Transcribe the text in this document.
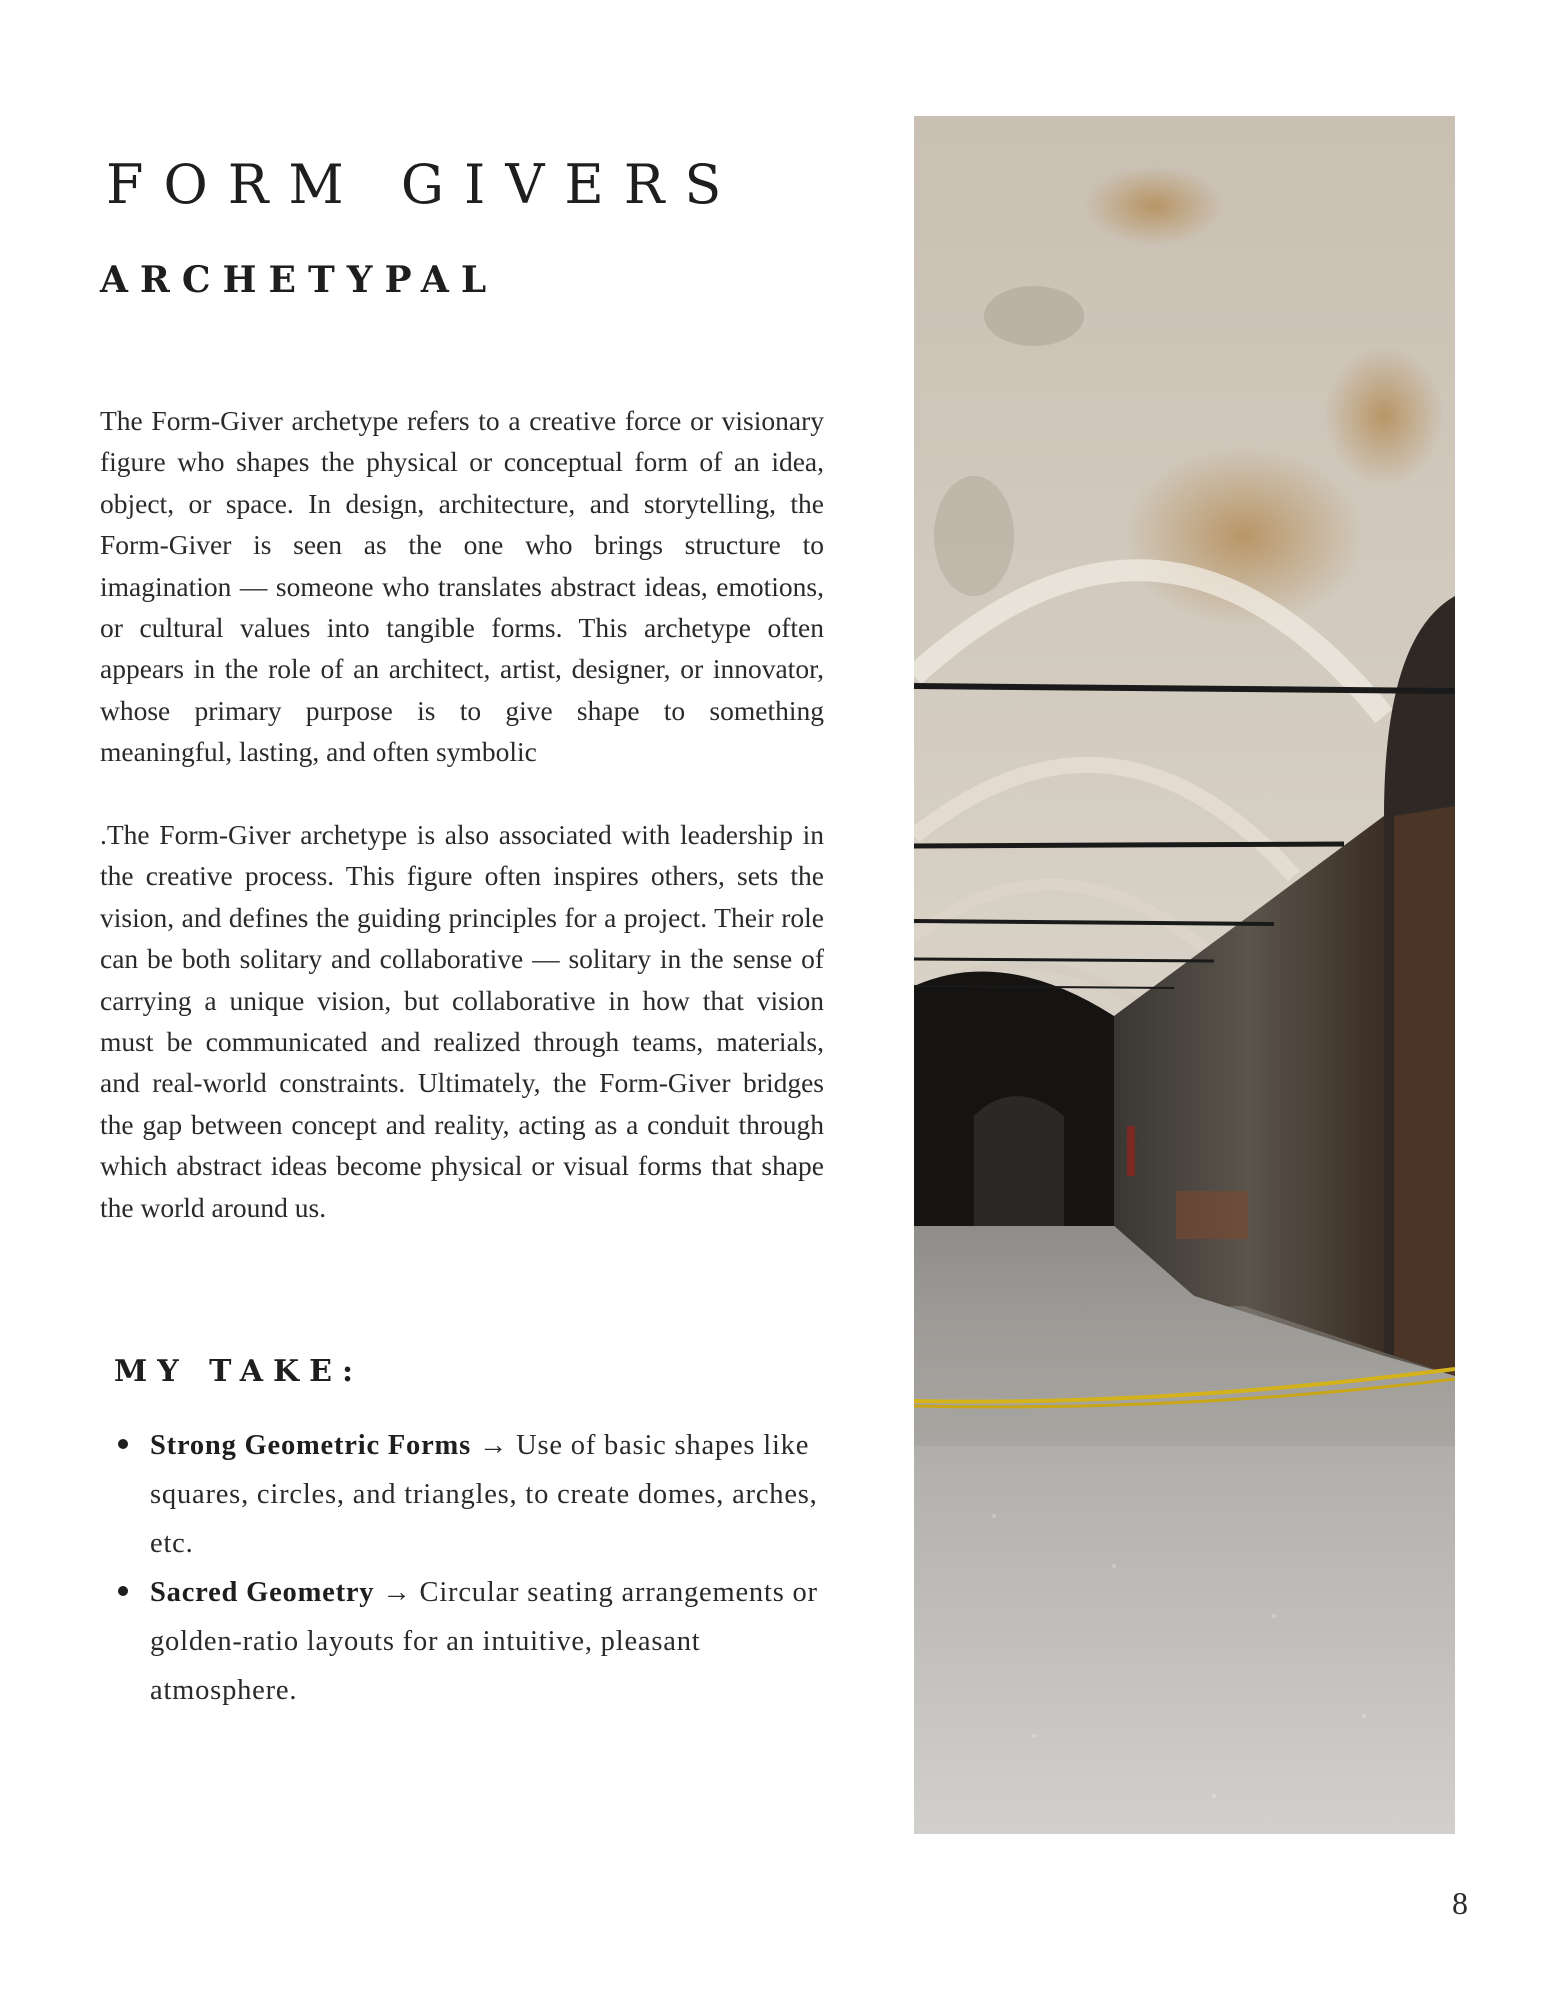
FORM GIVERS
ARCHETYPAL

The Form-Giver archetype refers to a creative force or visionary figure who shapes the physical or conceptual form of an idea, object, or space. In design, architecture, and storytelling, the Form-Giver is seen as the one who brings structure to imagination — someone who translates abstract ideas, emotions, or cultural values into tangible forms. This archetype often appears in the role of an architect, artist, designer, or innovator, whose primary purpose is to give shape to something meaningful, lasting, and often symbolic

.The Form-Giver archetype is also associated with leadership in the creative process. This figure often inspires others, sets the vision, and defines the guiding principles for a project. Their role can be both solitary and collaborative — solitary in the sense of carrying a unique vision, but collaborative in how that vision must be communicated and realized through teams, materials, and real-world constraints. Ultimately, the Form-Giver bridges the gap between concept and reality, acting as a conduit through which abstract ideas become physical or visual forms that shape the world around us.

MY TAKE:
Strong Geometric Forms → Use of basic shapes like squares, circles, and triangles, to create domes, arches, etc.
Sacred Geometry → Circular seating arrangements or golden-ratio layouts for an intuitive, pleasant atmosphere.

8
